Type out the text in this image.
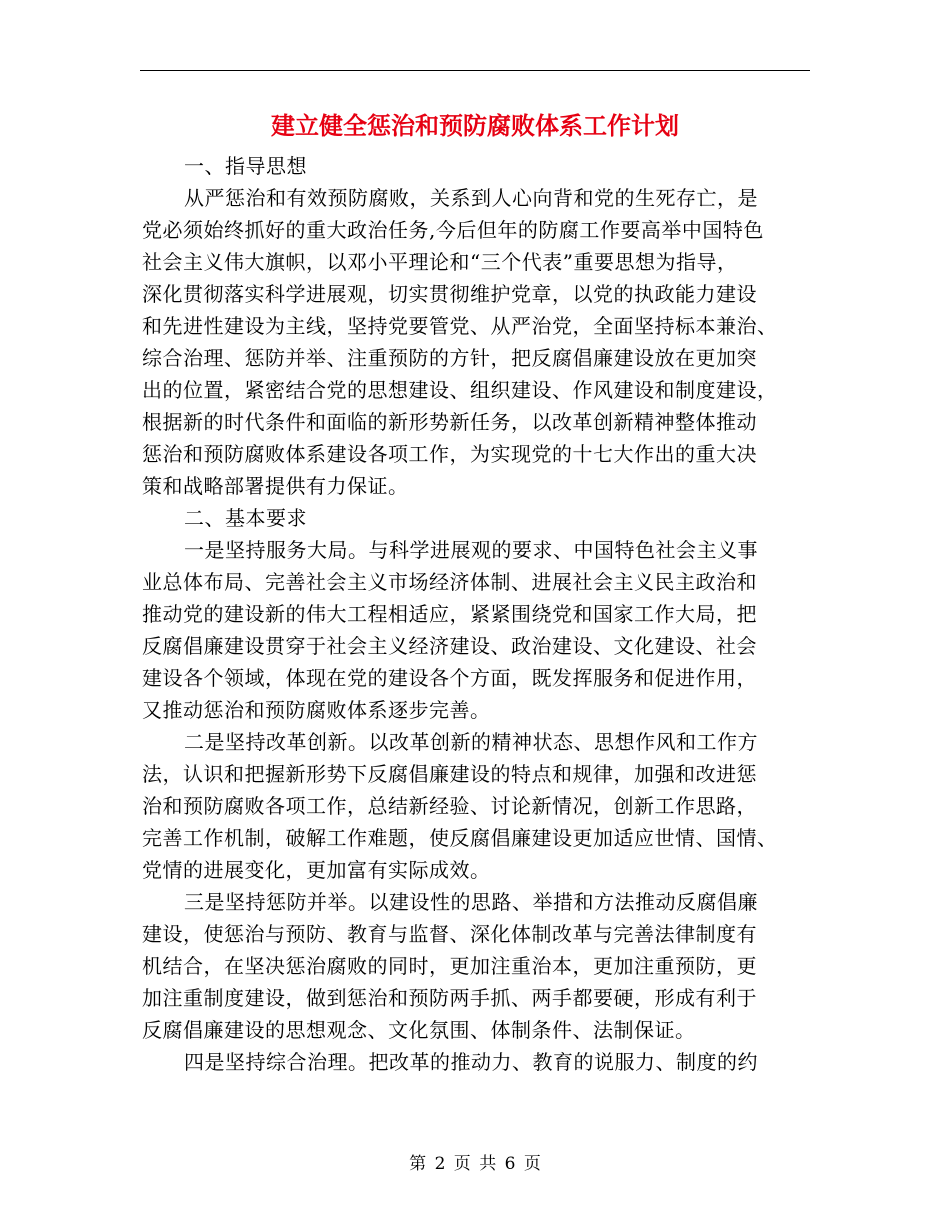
建立健全惩治和预防腐败体系工作计划
一、指导思想
从严惩治和有效预防腐败，关系到人心向背和党的生死存亡，是
党必须始终抓好的重大政治任务,今后但年的防腐工作要高举中国特色
社会主义伟大旗帜，以邓小平理论和“三个代表”重要思想为指导，
深化贯彻落实科学进展观，切实贯彻维护党章，以党的执政能力建设
和先进性建设为主线，坚持党要管党、从严治党，全面坚持标本兼治、
综合治理、惩防并举、注重预防的方针，把反腐倡廉建设放在更加突
出的位置，紧密结合党的思想建设、组织建设、作风建设和制度建设，
根据新的时代条件和面临的新形势新任务，以改革创新精神整体推动
惩治和预防腐败体系建设各项工作，为实现党的十七大作出的重大决
策和战略部署提供有力保证。
二、基本要求
一是坚持服务大局。与科学进展观的要求、中国特色社会主义事
业总体布局、完善社会主义市场经济体制、进展社会主义民主政治和
推动党的建设新的伟大工程相适应，紧紧围绕党和国家工作大局，把
反腐倡廉建设贯穿于社会主义经济建设、政治建设、文化建设、社会
建设各个领域，体现在党的建设各个方面，既发挥服务和促进作用，
又推动惩治和预防腐败体系逐步完善。
二是坚持改革创新。以改革创新的精神状态、思想作风和工作方
法，认识和把握新形势下反腐倡廉建设的特点和规律，加强和改进惩
治和预防腐败各项工作，总结新经验、讨论新情况，创新工作思路，
完善工作机制，破解工作难题，使反腐倡廉建设更加适应世情、国情、
党情的进展变化，更加富有实际成效。
三是坚持惩防并举。以建设性的思路、举措和方法推动反腐倡廉
建设，使惩治与预防、教育与监督、深化体制改革与完善法律制度有
机结合，在坚决惩治腐败的同时，更加注重治本，更加注重预防，更
加注重制度建设，做到惩治和预防两手抓、两手都要硬，形成有利于
反腐倡廉建设的思想观念、文化氛围、体制条件、法制保证。
四是坚持综合治理。把改革的推动力、教育的说服力、制度的约
第 2 页 共 6 页
